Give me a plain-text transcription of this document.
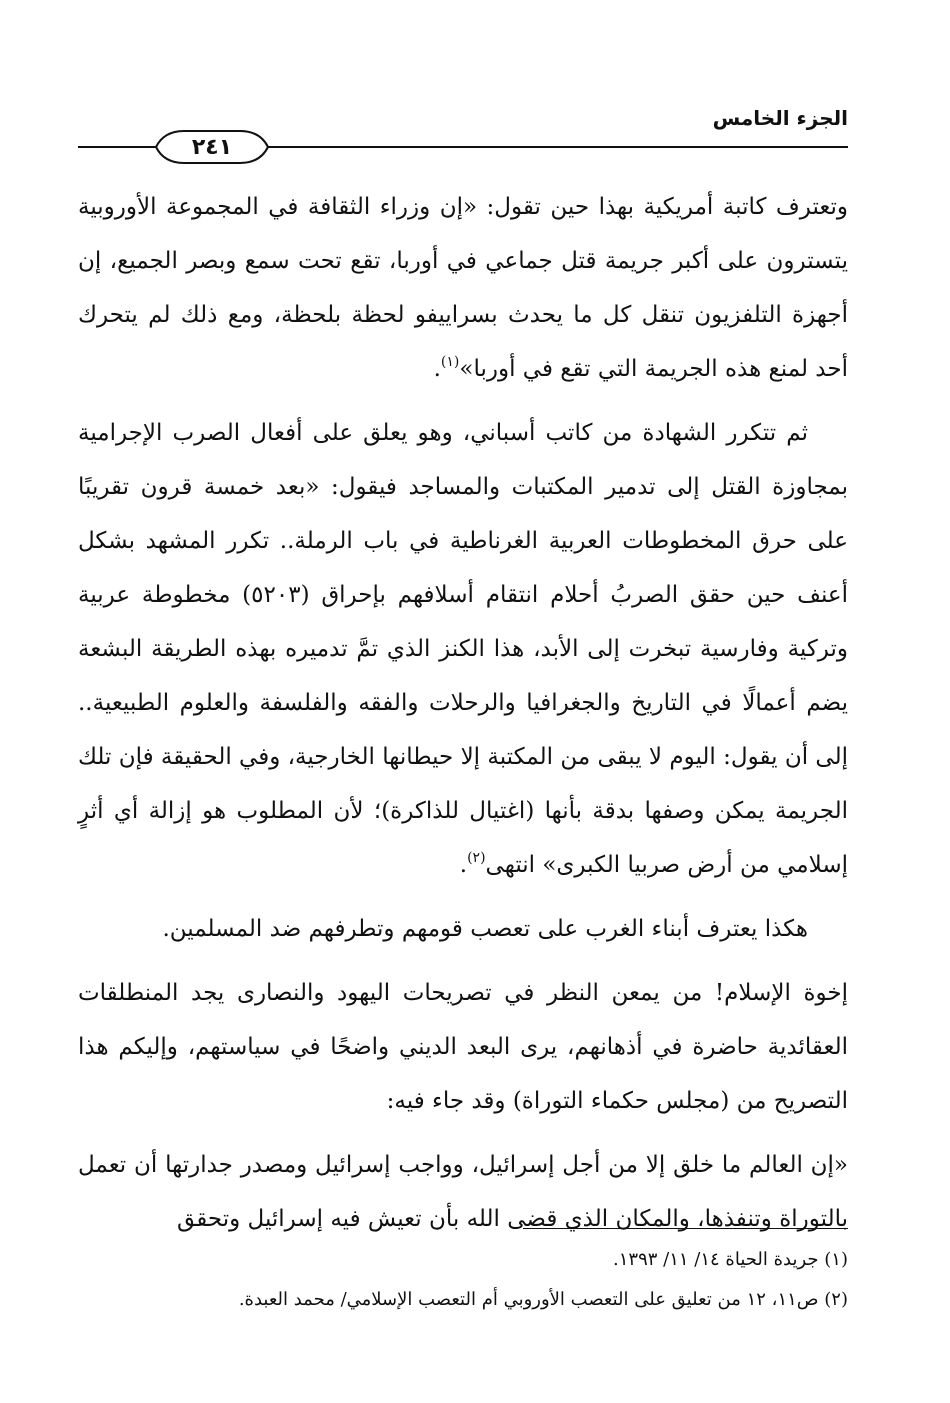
الجزء الخامس
٢٤١

وتعترف كاتبة أمريكية بهذا حين تقول: «إن وزراء الثقافة في المجموعة الأوروبية يتسترون على أكبر جريمة قتل جماعي في أوربا، تقع تحت سمع وبصر الجميع، إن أجهزة التلفزيون تنقل كل ما يحدث بسراييفو لحظة بلحظة، ومع ذلك لم يتحرك أحد لمنع هذه الجريمة التي تقع في أوربا»$^{(١)}$.

ثم تتكرر الشهادة من كاتب أسباني، وهو يعلق على أفعال الصرب الإجرامية بمجاوزة القتل إلى تدمير المكتبات والمساجد فيقول: «بعد خمسة قرون تقريبًا على حرق المخطوطات العربية الغرناطية في باب الرملة.. تكرر المشهد بشكل أعنف حين حقق الصربُ أحلام انتقام أسلافهم بإحراق (٥٢٠٣) مخطوطة عربية وتركية وفارسية تبخرت إلى الأبد، هذا الكنز الذي تمَّ تدميره بهذه الطريقة البشعة يضم أعمالًا في التاريخ والجغرافيا والرحلات والفقه والفلسفة والعلوم الطبيعية.. إلى أن يقول: اليوم لا يبقى من المكتبة إلا حيطانها الخارجية، وفي الحقيقة فإن تلك الجريمة يمكن وصفها بدقة بأنها (اغتيال للذاكرة)؛ لأن المطلوب هو إزالة أي أثرٍ إسلامي من أرض صربيا الكبرى» انتهى$^{(٢)}$.

هكذا يعترف أبناء الغرب على تعصب قومهم وتطرفهم ضد المسلمين.

إخوة الإسلام! من يمعن النظر في تصريحات اليهود والنصارى يجد المنطلقات العقائدية حاضرة في أذهانهم، يرى البعد الديني واضحًا في سياستهم، وإليكم هذا التصريح من (مجلس حكماء التوراة) وقد جاء فيه:

«إن العالم ما خلق إلا من أجل إسرائيل، وواجب إسرائيل ومصدر جدارتها أن تعمل بالتوراة وتنفذها، والمكان الذي قضى الله بأن تعيش فيه إسرائيل وتحقق

(١) جريدة الحياة ١٤/ ١١/ ١٣٩٣.
(٢) ص١١، ١٢ من تعليق على التعصب الأوروبي أم التعصب الإسلامي/ محمد العبدة.
